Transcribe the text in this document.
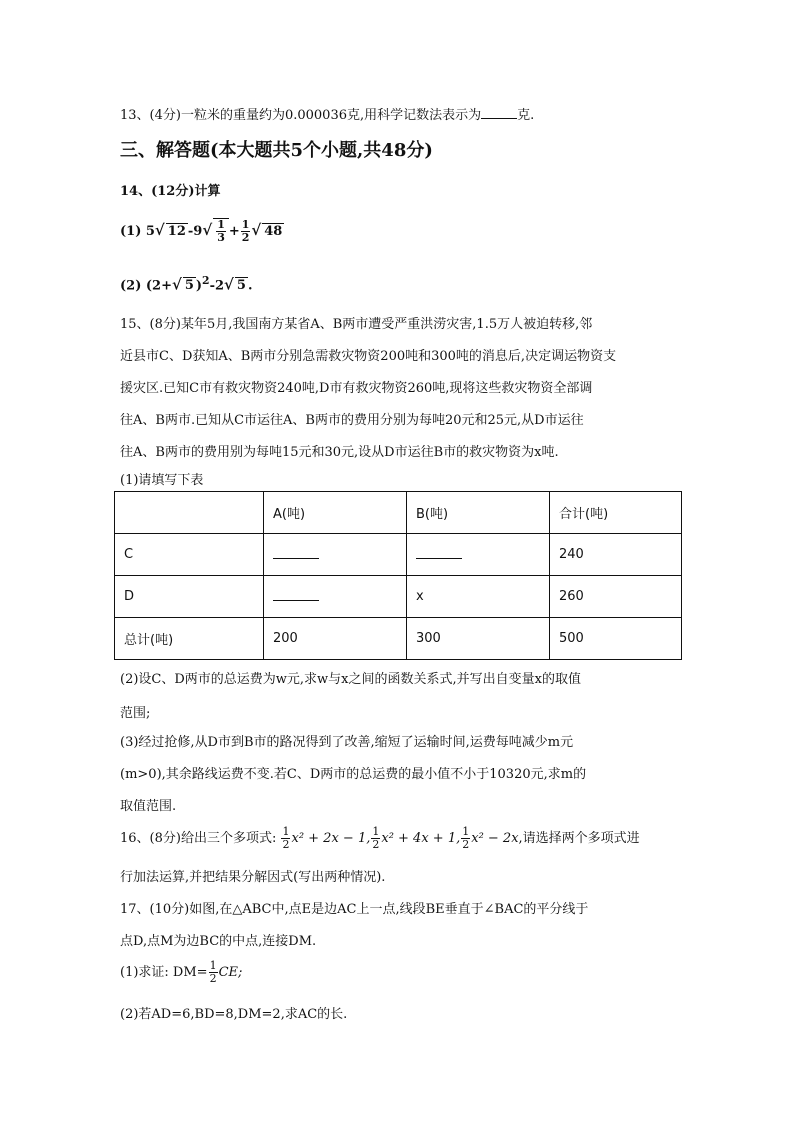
13、(4分)一粒米的重量约为0.000036克,用科学记数法表示为	克.
三、解答题(本大题共5个小题,共48分)
14、(12分)计算
(1) 5√ 12 $-9√ \frac{1}{3} + \frac{1}{2}$ √ 48
(2) (2+√ 5 )$^2$-2√ 5 .
15、(8分)某年5月,我国南方某省A、B两市遭受严重洪涝灾害,1.5万人被迫转移,邻
近县市C、D获知A、B两市分别急需救灾物资200吨和300吨的消息后,决定调运物资支
援灾区.已知C市有救灾物资240吨,D市有救灾物资260吨,现将这些救灾物资全部调
往A、B两市.已知从C市运往A、B两市的费用分别为每吨20元和25元,从D市运往
往A、B两市的费用别为每吨15元和30元,设从D市运往B市的救灾物资为x吨.
(1)请填写下表
	A(吨)	B(吨)	合计(吨)
C			240
D		x	260
总计(吨)	200	300	500
(2)设C、D两市的总运费为w元,求w与x之间的函数关系式,并写出自变量x的取值
范围;
(3)经过抢修,从D市到B市的路况得到了改善,缩短了运输时间,运费每吨减少m元
(m>0),其余路线运费不变.若C、D两市的总运费的最小值不小于10320元,求m的
取值范围.
16、(8分)给出三个多项式: $\frac{1}{2} x^2 + 2x - 1$, $\frac{1}{2} x^2 + 4x + 1$, $\frac{1}{2} x^2 - 2x$,请选择两个多项式进
行加法运算,并把结果分解因式(写出两种情况).
17、(10分)如图,在△ABC中,点E是边AC上一点,线段BE垂直于∠BAC的平分线于
点D,点M为边BC的中点,连接DM.
(1)求证: $DM= \frac{1}{2}$ CE;
(2)若AD=6,BD=8,DM=2,求AC的长.
